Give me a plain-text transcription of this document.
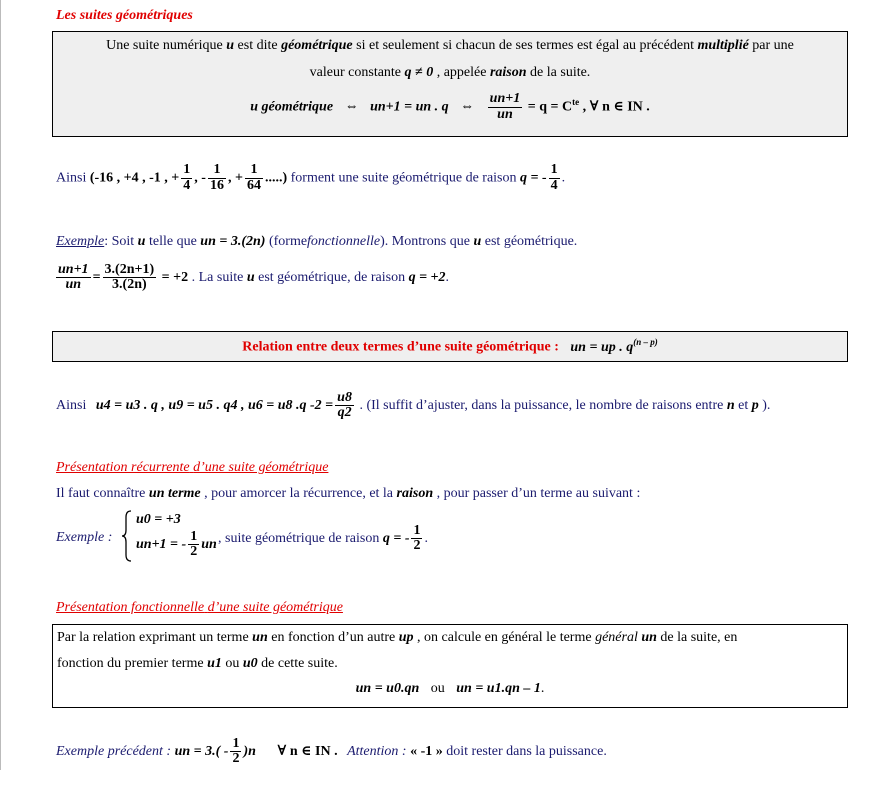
Les suites géométriques
Une suite numérique u est dite géométrique si et seulement si chacun de ses termes est égal au précédent multiplié par une
valeur constante q ≠ 0 , appelée raison de la suite.
u géométrique ⇔ un+1 = un . q ⇔ $\frac{un+1}{un} = q = C^{te}$ , ∀ n ∈ IN .
Ainsi (-16 , +4 , -1 , + $\frac{1}{4}$ , - $\frac{1}{16}$ , + $\frac{1}{64}$ .....) forment une suite géométrique de raison q = - $\frac{1}{4}$ .
Exemple: Soit u telle que un = 3.(2n) (formefonctionnelle). Montrons que u est géométrique.
$\frac{un+1}{un} = \frac{3.(2n+1)}{3.(2n)} = +2$ . La suite u est géométrique, de raison q = +2.
Relation entre deux termes d’une suite géométrique : un = up . $q^{(n - p)}$
Ainsi u4 = u3 . q , u9 = u5 . q4 , u6 = u8 .q $-2 = \frac{u8}{q2}$ . (Il suffit d’ajuster, dans la puissance, le nombre de raisons entre n et p ).
Présentation récurrente d’une suite géométrique
Il faut connaître un terme , pour amorcer la récurrence, et la raison , pour passer d’un terme au suivant :
Exemple :
u0 = +3
un+1 = - $\frac{1}{2}$ un , suite géométrique de raison q = - $\frac{1}{2}$ .
Présentation fonctionnelle d’une suite géométrique
Par la relation exprimant un terme un en fonction d’un autre up , on calcule en général le terme général un de la suite, en
fonction du premier terme u1 ou u0 de cette suite.
un = u0.qn ou un = u1.qn – 1.
Exemple précédent : un = $3.( - \frac{1}{2} )n$ ∀ n ∈ IN . Attention : « -1 » doit rester dans la puissance.
